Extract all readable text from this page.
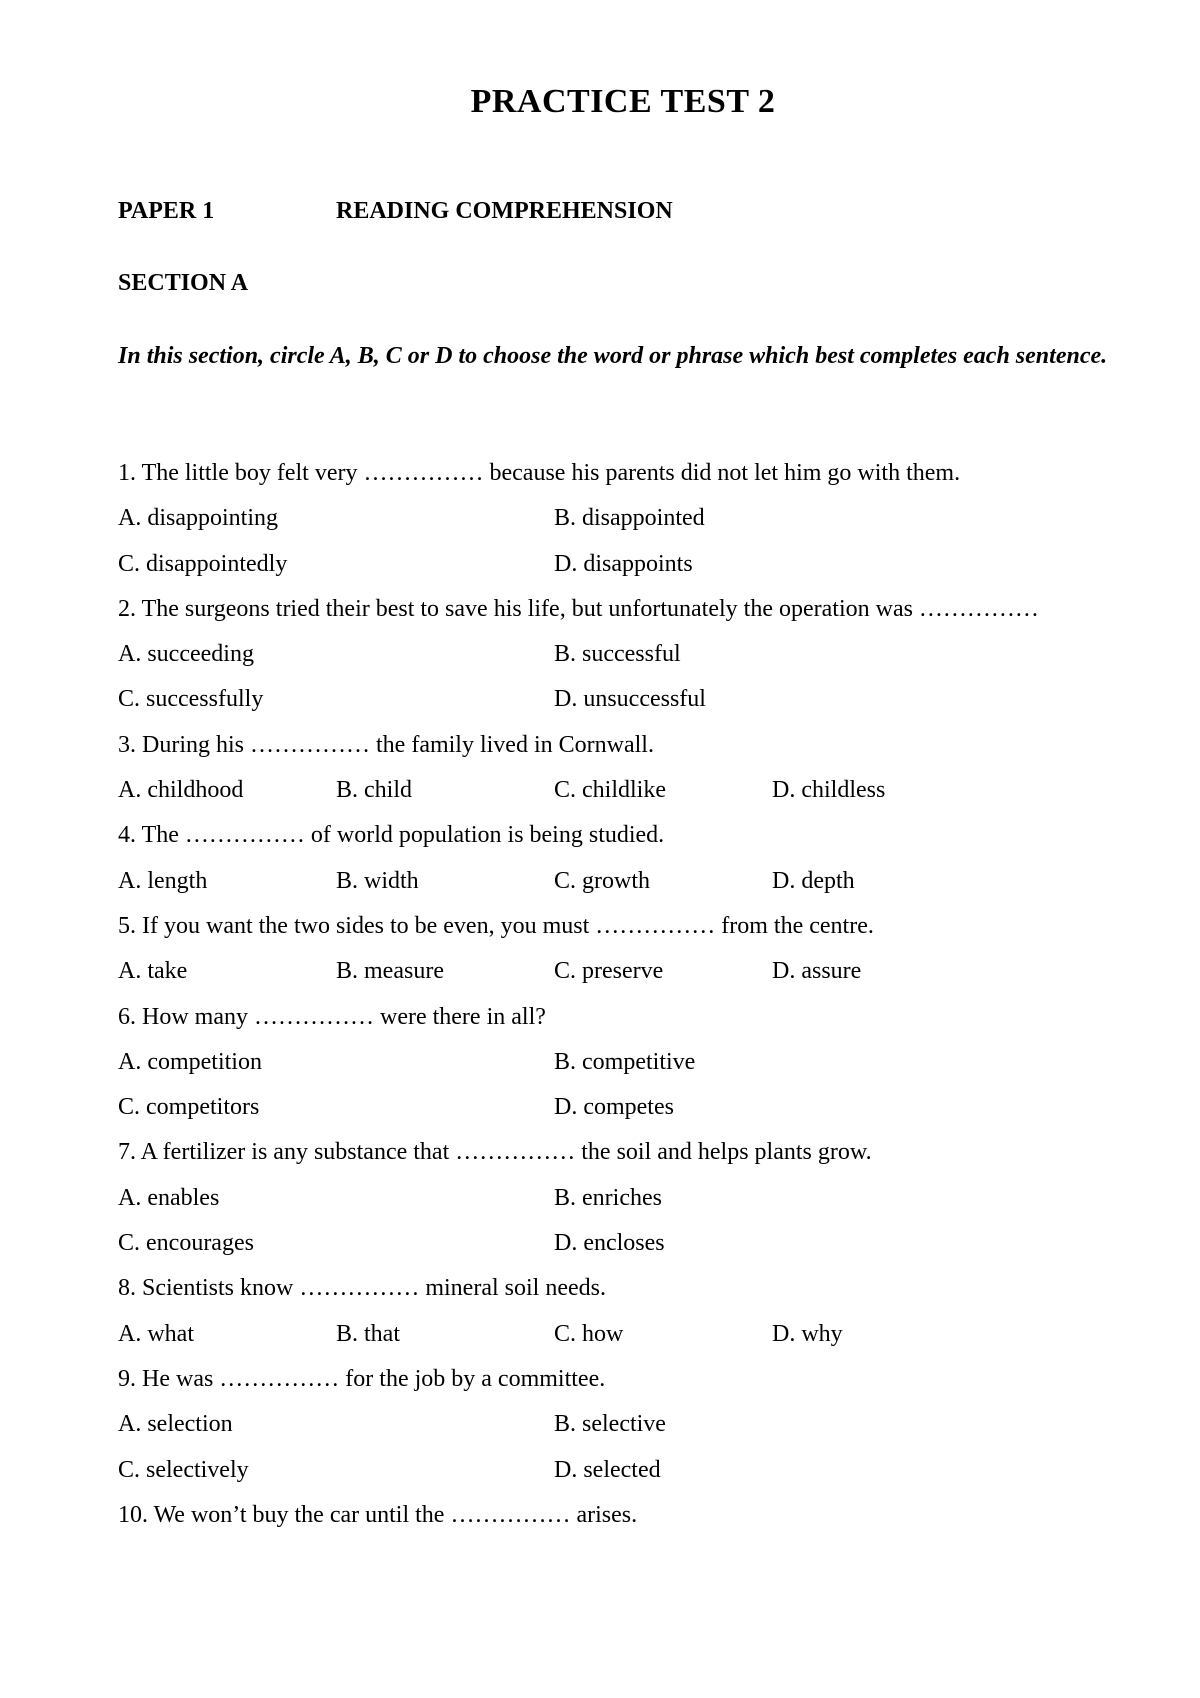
PRACTICE TEST 2
PAPER 1	READING COMPREHENSION
SECTION A
In this section, circle A, B, C or D to choose the word or phrase which best completes each sentence.
1. The little boy felt very …………… because his parents did not let him go with them.
A. disappointing	B. disappointed
C. disappointedly	D. disappoints
2. The surgeons tried their best to save his life, but unfortunately the operation was ……………
A. succeeding	B. successful
C. successfully	D. unsuccessful
3. During his …………… the family lived in Cornwall.
A. childhood	B. child	C. childlike	D. childless
4. The …………… of world population is being studied.
A. length	B. width	C. growth	D. depth
5. If you want the two sides to be even, you must …………… from the centre.
A. take	B. measure	C. preserve	D. assure
6. How many …………… were there in all?
A. competition	B. competitive
C. competitors	D. competes
7. A fertilizer is any substance that …………… the soil and helps plants grow.
A. enables	B. enriches
C. encourages	D. encloses
8. Scientists know …………… mineral soil needs.
A. what	B. that	C. how	D. why
9. He was …………… for the job by a committee.
A. selection	B. selective
C. selectively	D. selected
10. We won’t buy the car until the …………… arises.
